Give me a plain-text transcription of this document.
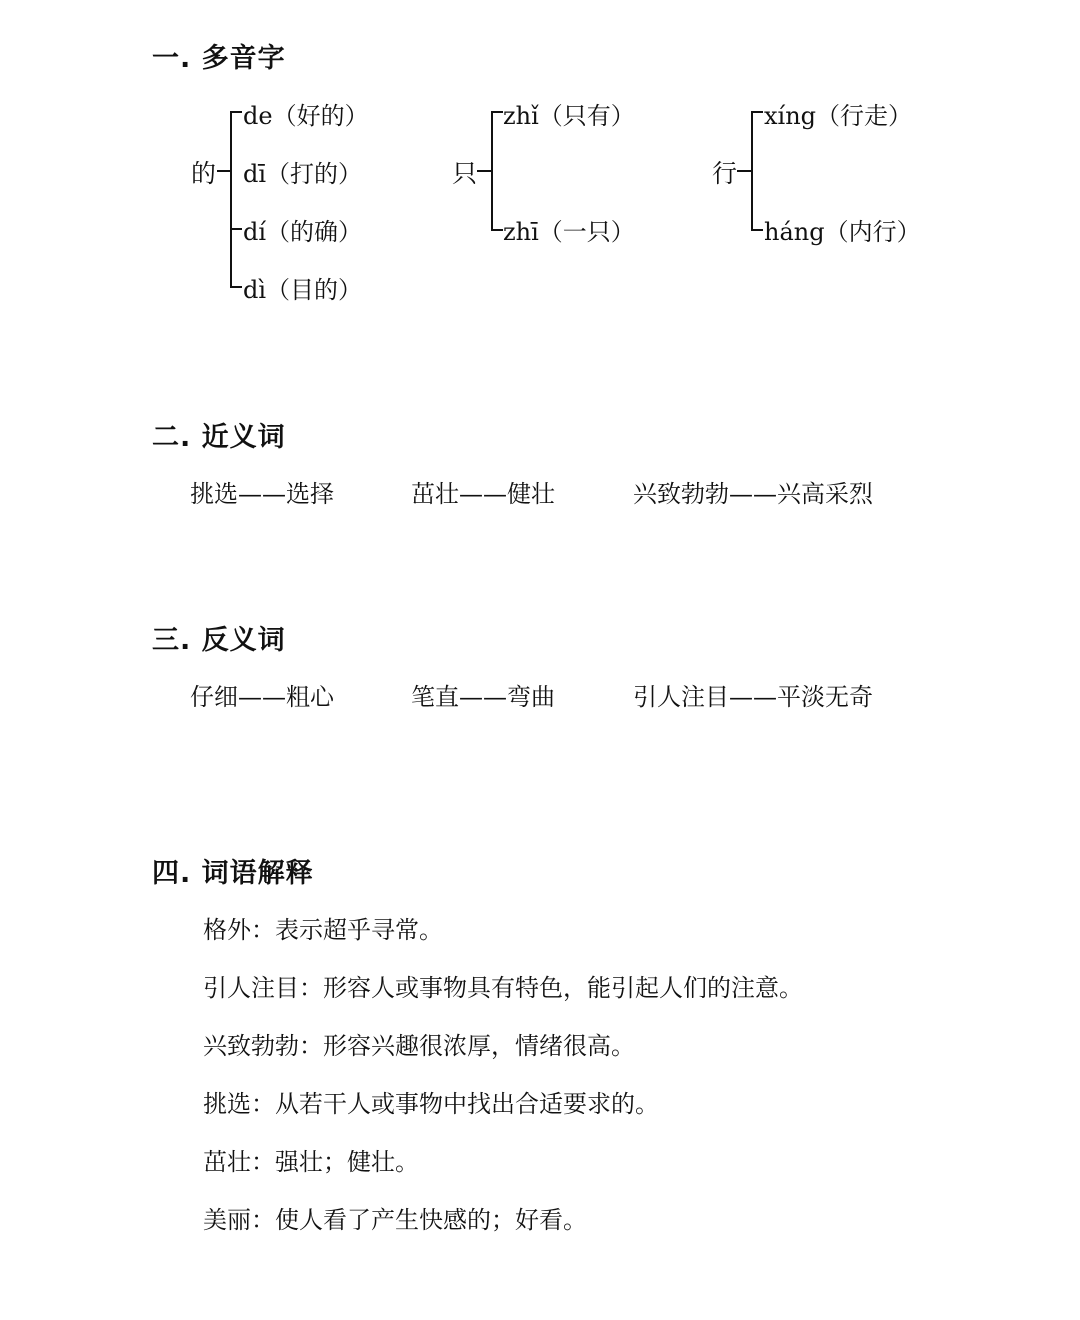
一. 多音字
的
de（好的）
dī（打的）
dí（的确）
dì（目的）
只
zhǐ（只有）
zhī（一只）
行
xíng（行走）
háng（内行）
二. 近义词
挑选——选择	茁壮——健壮	兴致勃勃——兴高采烈
三. 反义词
仔细——粗心	笔直——弯曲	引人注目——平淡无奇
四. 词语解释
格外：表示超乎寻常。
引人注目：形容人或事物具有特色，能引起人们的注意。
兴致勃勃：形容兴趣很浓厚，情绪很高。
挑选：从若干人或事物中找出合适要求的。
茁壮：强壮；健壮。
美丽：使人看了产生快感的；好看。
